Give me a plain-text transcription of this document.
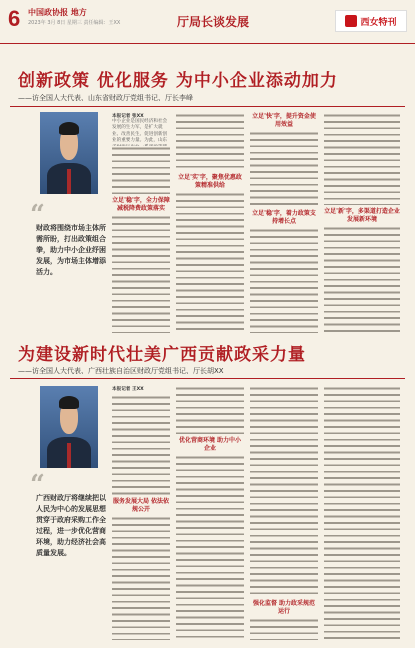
6 中国政协报 地方
2023年 3月 8日 星期三 责任编辑：王XX	厅局长谈发展	西女特刊
创新政策 优化服务 为中小企业添动加力
——访全国人大代表、山东省财政厅党组书记、厅长李峰
“
财政将围绕市场主体所需所盼，打出政策组合拳，助力中小企业纾困发展，为市场主体增添活力。
本报记者 张XX
中小企业是国民经济和社会发展的生力军，是扩大就业、改善民生、促进创新创业的重要力量。为此，山东
立足'稳'字，全力保障减税降费政策落实
立足'实'字，聚焦优惠政策精准供给
立足'快'字，提升资金使用效益
立足'稳'字，着力政策支持增长点
立足'新'字，多渠道打造企业发展新环境
为建设新时代壮美广西贡献政采力量
——访全国人大代表、广西壮族自治区财政厅党组书记、厅长胡XX
“
广西财政厅将继续把以人民为中心的发展思想贯穿于政府采购工作全过程，进一步优化营商环境，助力经济社会高质量发展。
本报记者 王XX
服务发展大局 依法依规公开
优化营商环境 助力中小企业
强化监督 助力政采规范运行
